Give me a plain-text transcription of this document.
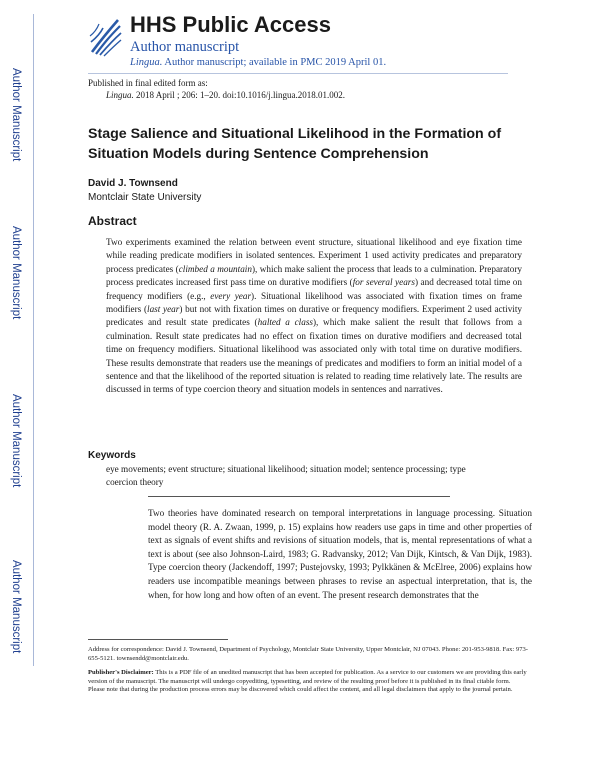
Author Manuscript
Author Manuscript
Author Manuscript
Author Manuscript
HHS Public Access
Author manuscript
Lingua. Author manuscript; available in PMC 2019 April 01.
Published in final edited form as:
Lingua. 2018 April ; 206: 1–20. doi:10.1016/j.lingua.2018.01.002.
Stage Salience and Situational Likelihood in the Formation of Situation Models during Sentence Comprehension
David J. Townsend
Montclair State University
Abstract
Two experiments examined the relation between event structure, situational likelihood and eye fixation time while reading predicate modifiers in isolated sentences. Experiment 1 used activity predicates and preparatory process predicates (climbed a mountain), which make salient the process that leads to a culmination. Preparatory process predicates increased first pass time on durative modifiers (for several years) and decreased total time on frequency modifiers (e.g., every year). Situational likelihood was associated with fixation times on frame modifiers (last year) but not with fixation times on durative or frequency modifiers. Experiment 2 used activity predicates and result state predicates (halted a class), which make salient the result that follows from a culmination. Result state predicates had no effect on fixation times on durative modifiers and decreased total time on frequency modifiers. Situational likelihood was associated only with total time on durative modifiers. These results demonstrate that readers use the meanings of predicates and modifiers to form an initial model of a sentence and that the likelihood of the reported situation is related to reading time relatively late. The results are discussed in terms of type coercion theory and situation models in sentences and narratives.
Keywords
eye movements; event structure; situational likelihood; situation model; sentence processing; type coercion theory
Two theories have dominated research on temporal interpretations in language processing. Situation model theory (R. A. Zwaan, 1999, p. 15) explains how readers use gaps in time and other properties of text as signals of event shifts and revisions of situation models, that is, mental representations of what a text is about (see also Johnson-Laird, 1983; G. Radvansky, 2012; Van Dijk, Kintsch, & Van Dijk, 1983). Type coercion theory (Jackendoff, 1997; Pustejovsky, 1993; Pylkkänen & McElree, 2006) explains how readers use incompatible meanings between phrases to revise an aspectual interpretation, that is, the when, for how long and how often of an event. The present research demonstrates that the
Address for correspondence: David J. Townsend, Department of Psychology, Montclair State University, Upper Montclair, NJ 07043. Phone: 201-953-9818. Fax: 973-655-5121. townsendd@montclair.edu.
Publisher's Disclaimer: This is a PDF file of an unedited manuscript that has been accepted for publication. As a service to our customers we are providing this early version of the manuscript. The manuscript will undergo copyediting, typesetting, and review of the resulting proof before it is published in its final citable form. Please note that during the production process errors may be discovered which could affect the content, and all legal disclaimers that apply to the journal pertain.
